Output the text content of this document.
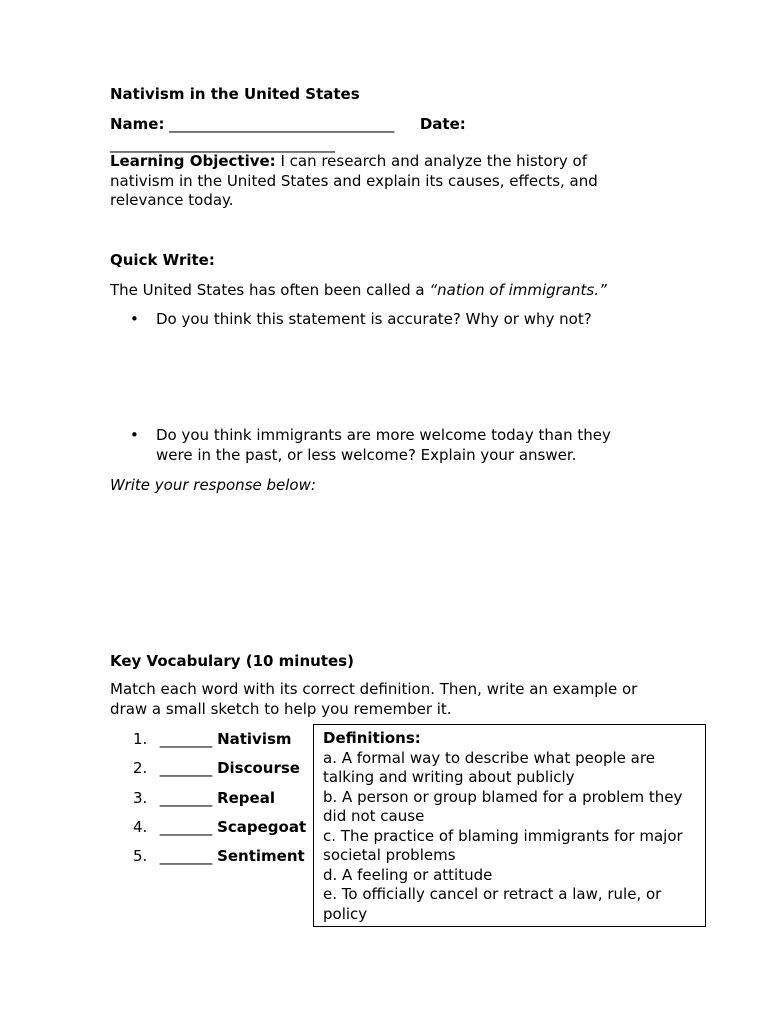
Nativism in the United States
Name: ______________________________ Date:
______________________________
Learning Objective: I can research and analyze the history of nativism in the United States and explain its causes, effects, and relevance today.
Quick Write:
The United States has often been called a “nation of immigrants.”
• Do you think this statement is accurate? Why or why not?
• Do you think immigrants are more welcome today than they were in the past, or less welcome? Explain your answer.
Write your response below:
Key Vocabulary (10 minutes)
Match each word with its correct definition. Then, write an example or draw a small sketch to help you remember it.
1. _______ Nativism
2. _______ Discourse
3. _______ Repeal
4. _______ Scapegoat
5. _______ Sentiment
Definitions:
a. A formal way to describe what people are talking and writing about publicly
b. A person or group blamed for a problem they did not cause
c. The practice of blaming immigrants for major societal problems
d. A feeling or attitude
e. To officially cancel or retract a law, rule, or policy
